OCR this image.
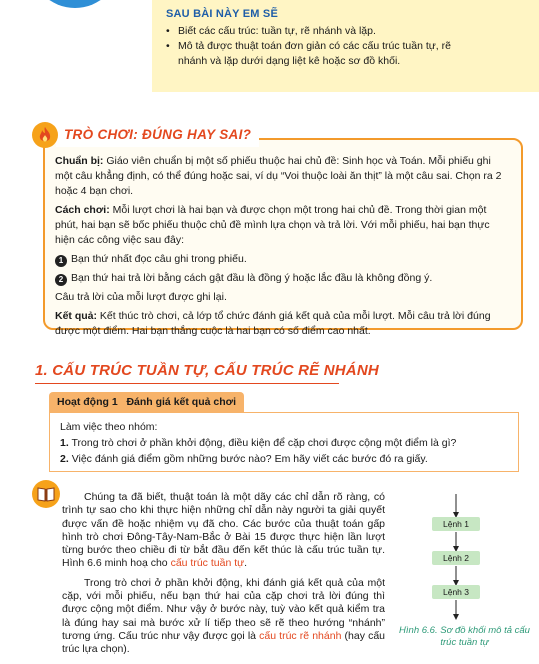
SAU BÀI NÀY EM SẼ
• Biết các cấu trúc: tuần tự, rẽ nhánh và lặp.
• Mô tả được thuật toán đơn giản có các cấu trúc tuần tự, rẽ
nhánh và lặp dưới dạng liệt kê hoặc sơ đồ khối.

Chuẩn bị: Giáo viên chuẩn bị một số phiếu thuộc hai chủ đề: Sinh học và Toán. Mỗi phiếu ghi một câu khẳng định, có thể đúng hoặc sai, ví dụ “Voi thuộc loài ăn thịt” là một câu sai. Chọn ra 2 hoặc 4 bạn chơi.

Cách chơi: Mỗi lượt chơi là hai bạn và được chọn một trong hai chủ đề. Trong thời gian một phút, hai bạn sẽ bốc phiếu thuộc chủ đề mình lựa chọn và trả lời. Với mỗi phiếu, hai bạn thực hiện các công việc sau đây:

1 Bạn thứ nhất đọc câu ghi trong phiếu.

2 Bạn thứ hai trả lời bằng cách gật đầu là đồng ý hoặc lắc đầu là không đồng ý.

Câu trả lời của mỗi lượt được ghi lại.

Kết quả: Kết thúc trò chơi, cả lớp tổ chức đánh giá kết quả của mỗi lượt. Mỗi câu trả lời đúng được một điểm. Hai bạn thắng cuộc là hai bạn có số điểm cao nhất.

TRÒ CHƠI: ĐÚNG HAY SAI?
1. CẤU TRÚC TUẦN TỰ, CẤU TRÚC RẼ NHÁNH
Hoạt động 1 Đánh giá kết quả chơi
Làm việc theo nhóm:
1. Trong trò chơi ở phần khởi động, điều kiện để cặp chơi được cộng một điểm là gì?
2. Việc đánh giá điểm gồm những bước nào? Em hãy viết các bước đó ra giấy.

Chúng ta đã biết, thuật toán là một dãy các chỉ dẫn rõ ràng, có trình tự sao cho khi thực hiện những chỉ dẫn này người ta giải quyết được vấn đề hoặc nhiệm vụ đã cho. Các bước của thuật toán gấp hình trò chơi Đông-Tây-Nam-Bắc ở Bài 15 được thực hiện lần lượt từng bước theo chiều đi từ bắt đầu đến kết thúc là cấu trúc tuần tự. Hình 6.6 minh hoạ cho cấu trúc tuần tự.

Trong trò chơi ở phần khởi động, khi đánh giá kết quả của một cặp, với mỗi phiếu, nếu bạn thứ hai của cặp chơi trả lời đúng thì được cộng một điểm. Như vậy ở bước này, tuỳ vào kết quả kiểm tra là đúng hay sai mà bước xử lí tiếp theo sẽ rẽ theo hướng “nhánh” tương ứng. Cấu trúc như vậy được gọi là cấu trúc rẽ nhánh (hay cấu trúc lựa chọn).

Lệnh 1
Lệnh 2
Lệnh 3
Hình 6.6. Sơ đồ khối mô tả cấu trúc tuần tự
